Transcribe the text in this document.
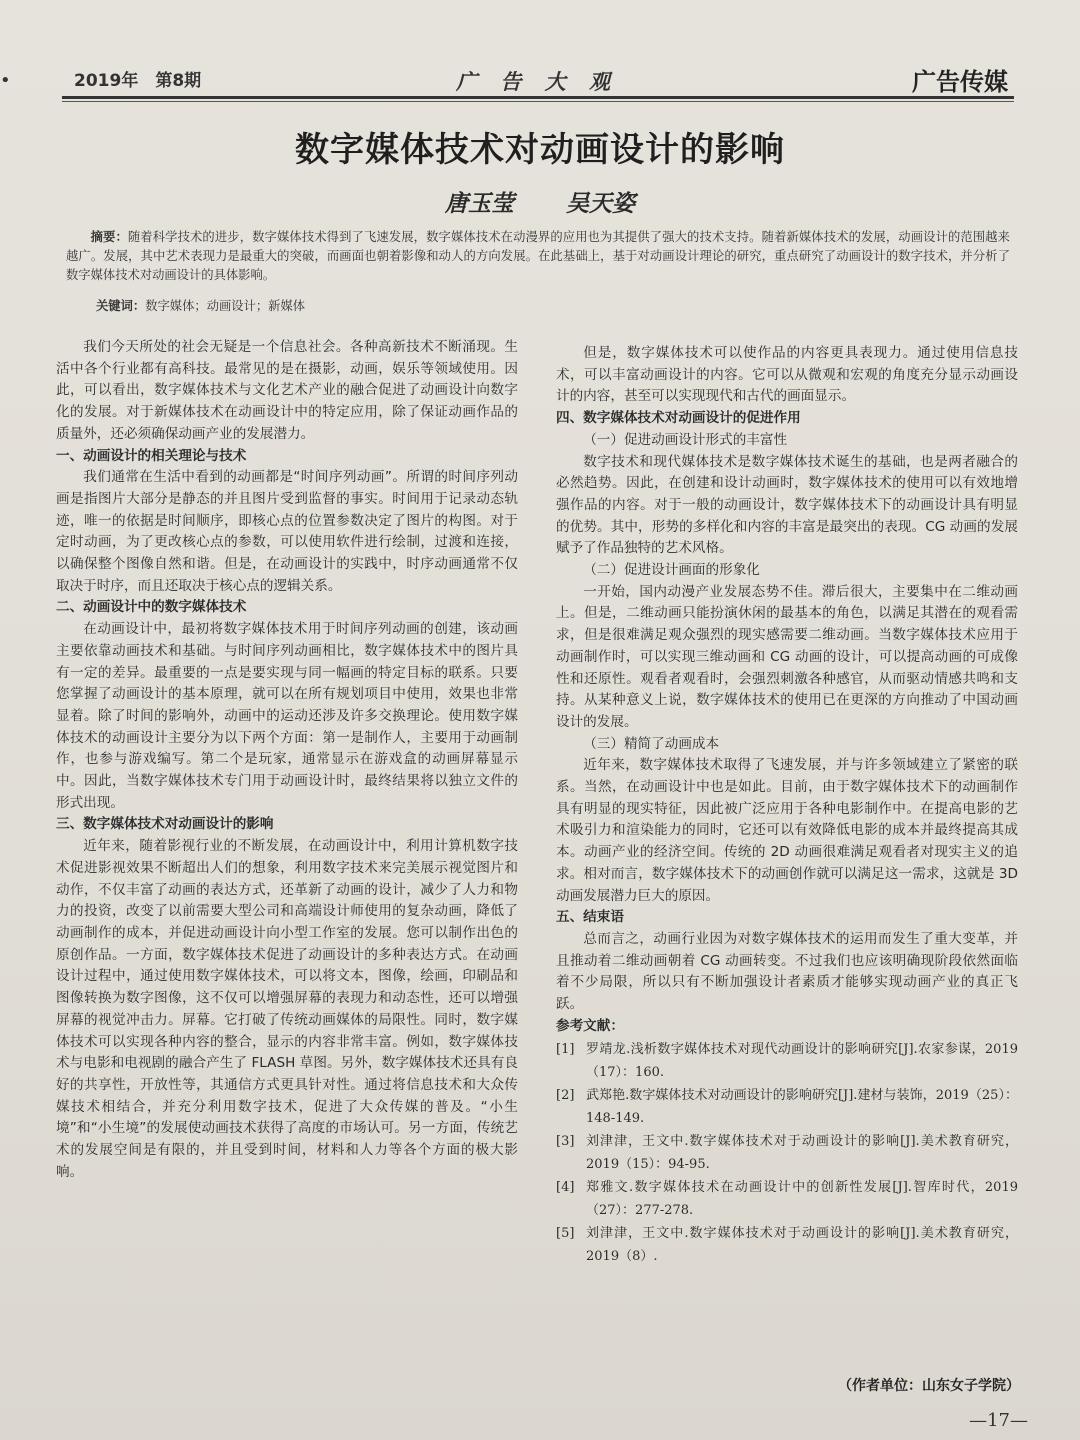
•	2019年　第8期	广 告 大 观	广告传媒
数字媒体技术对动画设计的影响
唐玉莹 吴天姿
摘要：随着科学技术的进步，数字媒体技术得到了飞速发展，数字媒体技术在动漫界的应用也为其提供了强大的技术支持。随着新媒体技术的发展，动画设计的范围越来越广。发展，其中艺术表现力是最重大的突破，而画面也朝着影像和动人的方向发展。在此基础上，基于对动画设计理论的研究，重点研究了动画设计的数字技术，并分析了数字媒体技术对动画设计的具体影响。
关键词：数字媒体；动画设计；新媒体

我们今天所处的社会无疑是一个信息社会。各种高新技术不断涌现。生活中各个行业都有高科技。最常见的是在摄影，动画，娱乐等领域使用。因此，可以看出，数字媒体技术与文化艺术产业的融合促进了动画设计向数字化的发展。对于新媒体技术在动画设计中的特定应用，除了保证动画作品的质量外，还必须确保动画产业的发展潜力。

一、动画设计的相关理论与技术

我们通常在生活中看到的动画都是“时间序列动画”。所谓的时间序列动画是指图片大部分是静态的并且图片受到监督的事实。时间用于记录动态轨迹，唯一的依据是时间顺序，即核心点的位置参数决定了图片的构图。对于定时动画，为了更改核心点的参数，可以使用软件进行绘制，过渡和连接，以确保整个图像自然和谐。但是，在动画设计的实践中，时序动画通常不仅取决于时序，而且还取决于核心点的逻辑关系。

二、动画设计中的数字媒体技术

在动画设计中，最初将数字媒体技术用于时间序列动画的创建，该动画主要依靠动画技术和基础。与时间序列动画相比，数字媒体技术中的图片具有一定的差异。最重要的一点是要实现与同一幅画的特定目标的联系。只要您掌握了动画设计的基本原理，就可以在所有规划项目中使用，效果也非常显着。除了时间的影响外，动画中的运动还涉及许多交换理论。使用数字媒体技术的动画设计主要分为以下两个方面：第一是制作人，主要用于动画制作，也参与游戏编写。第二个是玩家，通常显示在游戏盒的动画屏幕显示中。因此，当数字媒体技术专门用于动画设计时，最终结果将以独立文件的形式出现。

三、数字媒体技术对动画设计的影响

近年来，随着影视行业的不断发展，在动画设计中，利用计算机数字技术促进影视效果不断超出人们的想象，利用数字技术来完美展示视觉图片和动作，不仅丰富了动画的表达方式，还革新了动画的设计，减少了人力和物力的投资，改变了以前需要大型公司和高端设计师使用的复杂动画，降低了动画制作的成本，并促进动画设计向小型工作室的发展。您可以制作出色的原创作品。一方面，数字媒体技术促进了动画设计的多种表达方式。在动画设计过程中，通过使用数字媒体技术，可以将文本，图像，绘画，印刷品和图像转换为数字图像，这不仅可以增强屏幕的表现力和动态性，还可以增强屏幕的视觉冲击力。屏幕。它打破了传统动画媒体的局限性。同时，数字媒体技术可以实现各种内容的整合，显示的内容非常丰富。例如，数字媒体技术与电影和电视剧的融合产生了 FLASH 草图。另外，数字媒体技术还具有良好的共享性，开放性等，其通信方式更具针对性。通过将信息技术和大众传媒技术相结合，并充分利用数字技术，促进了大众传媒的普及。“小生境”和“小生境”的发展使动画技术获得了高度的市场认可。另一方面，传统艺术的发展空间是有限的，并且受到时间，材料和人力等各个方面的极大影响。

但是，数字媒体技术可以使作品的内容更具表现力。通过使用信息技术，可以丰富动画设计的内容。它可以从微观和宏观的角度充分显示动画设计的内容，甚至可以实现现代和古代的画面显示。

四、数字媒体技术对动画设计的促进作用
（一）促进动画设计形式的丰富性

数字技术和现代媒体技术是数字媒体技术诞生的基础，也是两者融合的必然趋势。因此，在创建和设计动画时，数字媒体技术的使用可以有效地增强作品的内容。对于一般的动画设计，数字媒体技术下的动画设计具有明显的优势。其中，形势的多样化和内容的丰富是最突出的表现。CG 动画的发展赋予了作品独特的艺术风格。

（二）促进设计画面的形象化

一开始，国内动漫产业发展态势不佳。滞后很大，主要集中在二维动画上。但是，二维动画只能扮演休闲的最基本的角色，以满足其潜在的观看需求，但是很难满足观众强烈的现实感需要二维动画。当数字媒体技术应用于动画制作时，可以实现三维动画和 CG 动画的设计，可以提高动画的可成像性和还原性。观看者观看时，会强烈刺激各种感官，从而驱动情感共鸣和支持。从某种意义上说，数字媒体技术的使用已在更深的方向推动了中国动画设计的发展。

（三）精简了动画成本

近年来，数字媒体技术取得了飞速发展，并与许多领域建立了紧密的联系。当然，在动画设计中也是如此。目前，由于数字媒体技术下的动画制作具有明显的现实特征，因此被广泛应用于各种电影制作中。在提高电影的艺术吸引力和渲染能力的同时，它还可以有效降低电影的成本并最终提高其成本。动画产业的经济空间。传统的 2D 动画很难满足观看者对现实主义的追求。相对而言，数字媒体技术下的动画创作就可以满足这一需求，这就是 3D 动画发展潜力巨大的原因。

五、结束语

总而言之，动画行业因为对数字媒体技术的运用而发生了重大变革，并且推动着二维动画朝着 CG 动画转变。不过我们也应该明确现阶段依然面临着不少局限，所以只有不断加强设计者素质才能够实现动画产业的真正飞跃。

参考文献：

[1] 罗靖龙.浅析数字媒体技术对现代动画设计的影响研究[J].农家参谋，2019（17）：160.
[2] 武郑艳.数字媒体技术对动画设计的影响研究[J].建材与装饰，2019（25）：148-149.
[3] 刘津津，王文中.数字媒体技术对于动画设计的影响[J].美术教育研究，2019（15）：94-95.
[4] 郑雅文.数字媒体技术在动画设计中的创新性发展[J].智库时代，2019（27）：277-278.
[5] 刘津津，王文中.数字媒体技术对于动画设计的影响[J].美术教育研究，2019（8）.
（作者单位：山东女子学院）
—17—
